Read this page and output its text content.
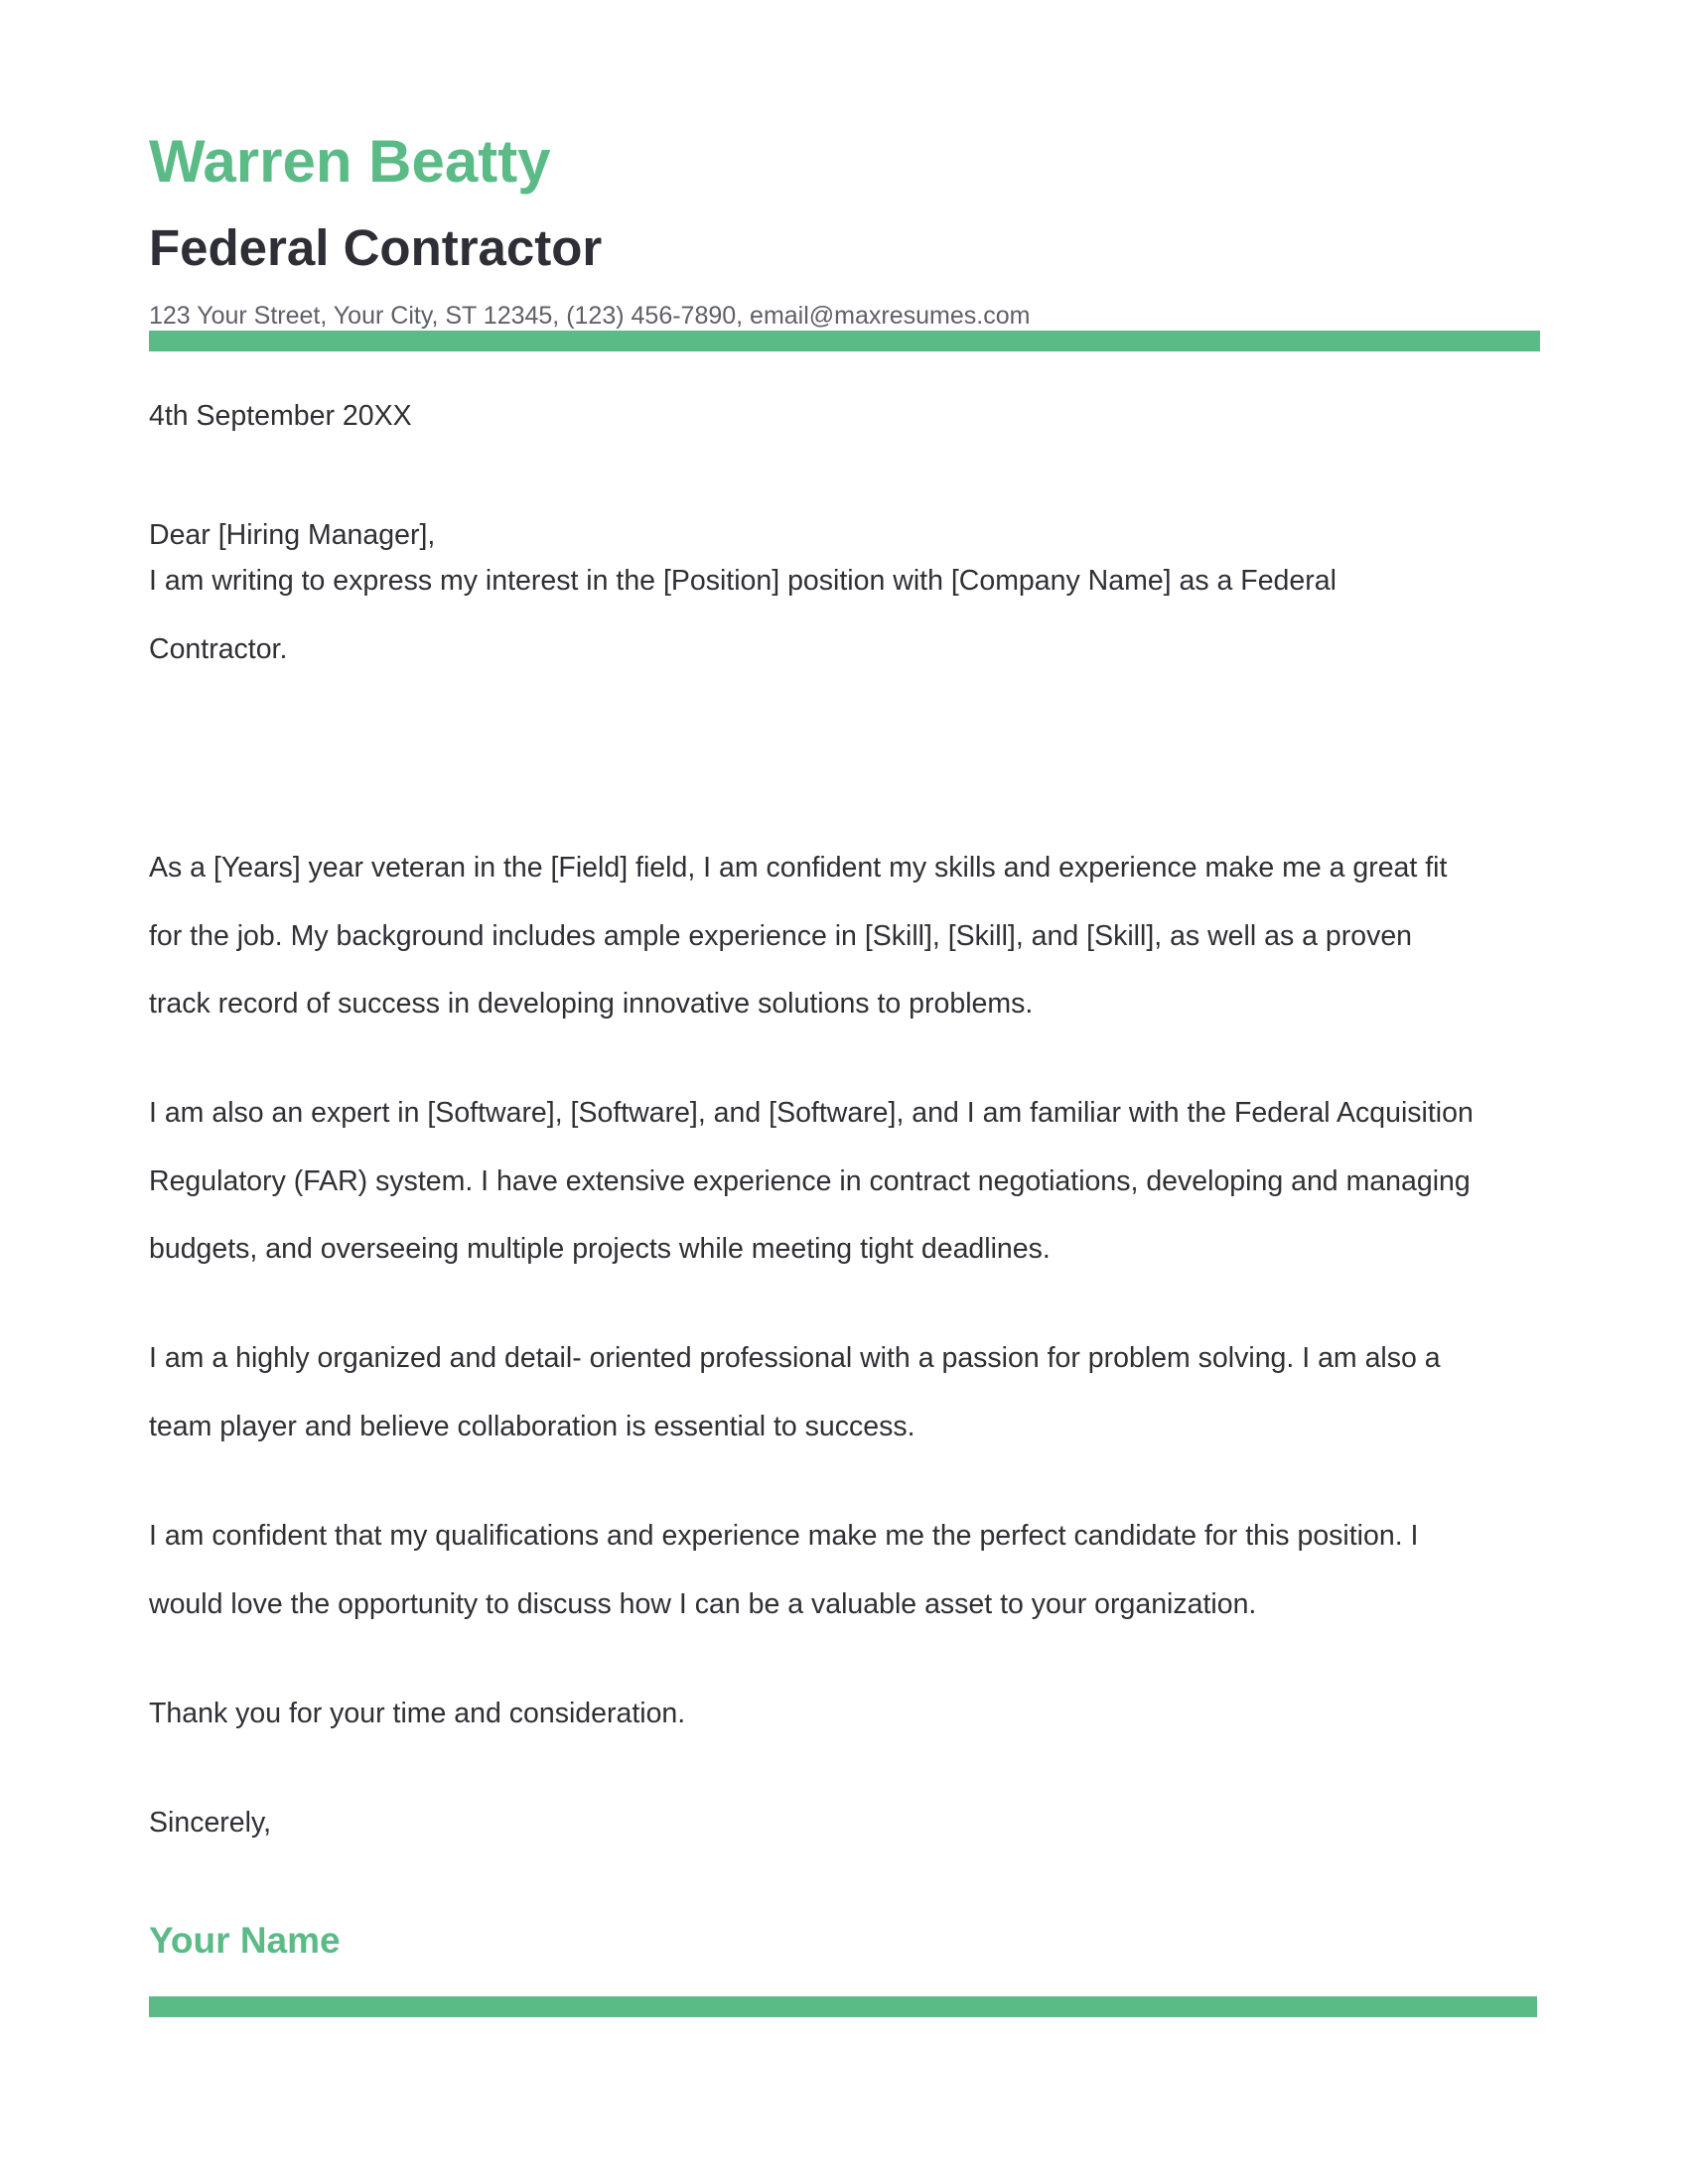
Warren Beatty
Federal Contractor

123 Your Street, Your City, ST 12345, (123) 456-7890, email@maxresumes.com

4th September 20XX

Dear [Hiring Manager],

I am writing to express my interest in the [Position] position with [Company Name] as a Federal
Contractor.

As a [Years] year veteran in the [Field] field, I am confident my skills and experience make me a great fit
for the job. My background includes ample experience in [Skill], [Skill], and [Skill], as well as a proven
track record of success in developing innovative solutions to problems.

I am also an expert in [Software], [Software], and [Software], and I am familiar with the Federal Acquisition
Regulatory (FAR) system. I have extensive experience in contract negotiations, developing and managing
budgets, and overseeing multiple projects while meeting tight deadlines.

I am a highly organized and detail- oriented professional with a passion for problem solving. I am also a
team player and believe collaboration is essential to success.

I am confident that my qualifications and experience make me the perfect candidate for this position. I
would love the opportunity to discuss how I can be a valuable asset to your organization.

Thank you for your time and consideration.

Sincerely,

Your Name
